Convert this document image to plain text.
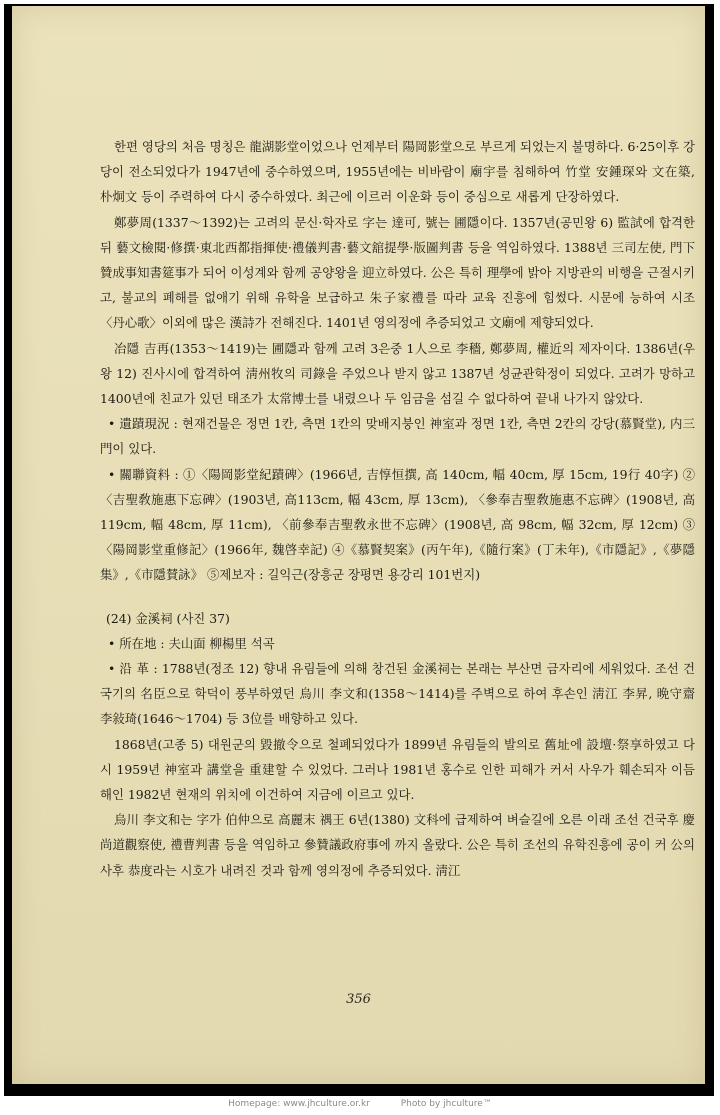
한편 영당의 처음 명칭은 龍湖影堂이었으나 언제부터 陽岡影堂으로 부르게 되었는지 불명하다. 6·25이후 강당이 전소되었다가 1947년에 중수하였으며, 1955년에는 비바람이 廟宇를 침해하여 竹堂 安鍾琛와 文在築, 朴炯文 등이 주력하여 다시 중수하였다. 최근에 이르러 이운화 등이 중심으로 새롭게 단장하였다.

鄭夢周(1337～1392)는 고려의 문신·학자로 字는 達可, 號는 圃隱이다. 1357년(공민왕 6) 監試에 합격한 뒤 藝文檢閱·修撰·東北西都指揮使·禮儀判書·藝文舘提學·版圖判書 등을 역임하였다. 1388년 三司左使, 門下贊成事知書筵事가 되어 이성계와 함께 공양왕을 迎立하였다. 公은 특히 理學에 밝아 지방관의 비행을 근절시키고, 불교의 폐해를 없애기 위해 유학을 보급하고 朱子家禮를 따라 교육 진흥에 힘썼다. 시문에 능하여 시조 〈丹心歌〉이외에 많은 漢詩가 전해진다. 1401년 영의정에 추증되었고 文廟에 제향되었다.

冶隱 吉再(1353～1419)는 圃隱과 함께 고려 3은중 1人으로 李穡, 鄭夢周, 權近의 제자이다. 1386년(우왕 12) 진사시에 합격하여 淸州牧의 司錄을 주었으나 받지 않고 1387년 성균관학정이 되었다. 고려가 망하고 1400년에 친교가 있던 태조가 太常博士를 내렸으나 두 임금을 섬길 수 없다하여 끝내 나가지 않았다.

• 遺蹟現況 : 현재건물은 정면 1칸, 측면 1칸의 맞배지붕인 神室과 정면 1칸, 측면 2칸의 강당(慕賢堂), 内三門이 있다.

• 關聯資料 : ①〈陽岡影堂紀蹟碑〉(1966년, 吉惇恒撰, 高 140cm, 幅 40cm, 厚 15cm, 19行 40字) ②〈吉聖敎施惠下忘碑〉(1903년, 高113cm, 幅 43cm, 厚 13cm), 〈參奉吉聖敎施惠不忘碑〉(1908년, 高 119cm, 幅 48cm, 厚 11cm), 〈前參奉吉聖敎永世不忘碑〉(1908년, 高 98cm, 幅 32cm, 厚 12cm) ③〈陽岡影堂重修記〉(1966年, 魏啓幸記) ④《慕賢契案》(丙午年),《隨行案》(丁未年),《市隱記》,《夢隱集》,《市隱賛詠》 ⑤제보자 : 길익근(장흥군 장평면 용강리 101번지)

(24) 金溪祠 (사진 37)

• 所在地 : 夫山面 柳楊里 석곡

• 沿 革 : 1788년(정조 12) 향내 유림들에 의해 창건된 金溪祠는 본래는 부산면 금자리에 세워었다. 조선 건국기의 名臣으로 학덕이 풍부하였던 烏川 李文和(1358～1414)를 주벽으로 하여 후손인 淸江 李昇, 晩守齋 李敍琦(1646～1704) 등 3位를 배향하고 있다.

1868년(고종 5) 대원군의 毀撤令으로 철폐되었다가 1899년 유림들의 발의로 舊址에 設壇·祭享하였고 다시 1959년 神室과 講堂을 重建할 수 있었다. 그러나 1981년 홍수로 인한 피해가 커서 사우가 훼손되자 이듬해인 1982년 현재의 위치에 이건하여 지금에 이르고 있다.

烏川 李文和는 字가 伯仲으로 高麗末 禑王 6년(1380) 文科에 급제하여 벼슬길에 오른 이래 조선 건국후 慶尚道觀察使, 禮曹判書 등을 역임하고 參贊議政府事에 까지 올랐다. 公은 특히 조선의 유학진흥에 공이 커 公의 사후 恭度라는 시호가 내려진 것과 함께 영의정에 추증되었다. 淸江

356
Homepage: www.jhculture.or.kr	Photo by jhculture™
